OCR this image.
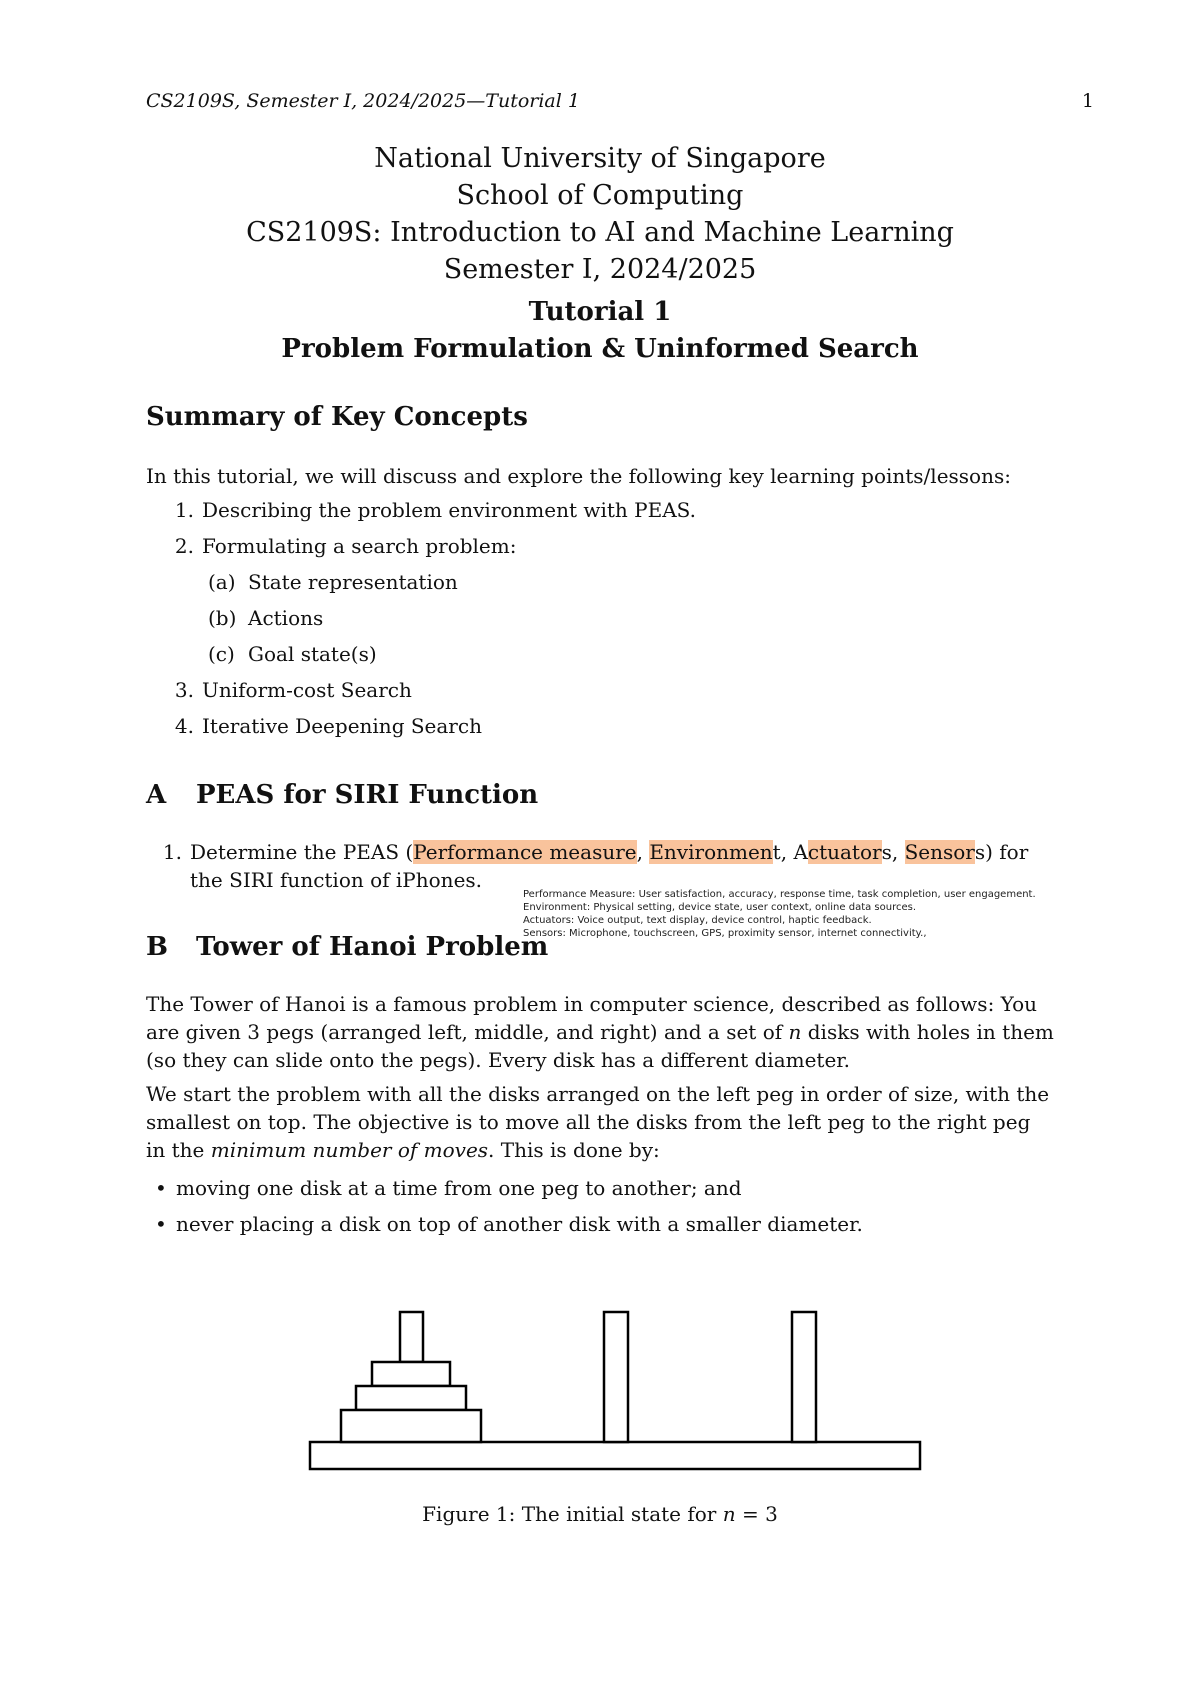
CS2109S, Semester I, 2024/2025—Tutorial 1	1
National University of Singapore
School of Computing
CS2109S: Introduction to AI and Machine Learning
Semester I, 2024/2025
Tutorial 1
Problem Formulation & Uninformed Search
Summary of Key Concepts
In this tutorial, we will discuss and explore the following key learning points/lessons:
1. Describing the problem environment with PEAS.
2. Formulating a search problem:
(a) State representation
(b) Actions
(c) Goal state(s)
3. Uniform-cost Search
4. Iterative Deepening Search
A PEAS for SIRI Function
1. Determine the PEAS (Performance measure, Environment, Actuators, Sensors) for
the SIRI function of iPhones.
Performance Measure: User satisfaction, accuracy, response time, task completion, user engagement.
Environment: Physical setting, device state, user context, online data sources.
Actuators: Voice output, text display, device control, haptic feedback.
Sensors: Microphone, touchscreen, GPS, proximity sensor, internet connectivity.,
B Tower of Hanoi Problem
The Tower of Hanoi is a famous problem in computer science, described as follows: You
are given 3 pegs (arranged left, middle, and right) and a set of n disks with holes in them
(so they can slide onto the pegs). Every disk has a different diameter.
We start the problem with all the disks arranged on the left peg in order of size, with the
smallest on top. The objective is to move all the disks from the left peg to the right peg
in the minimum number of moves. This is done by:
• moving one disk at a time from one peg to another; and
• never placing a disk on top of another disk with a smaller diameter.
Figure 1: The initial state for n = 3
